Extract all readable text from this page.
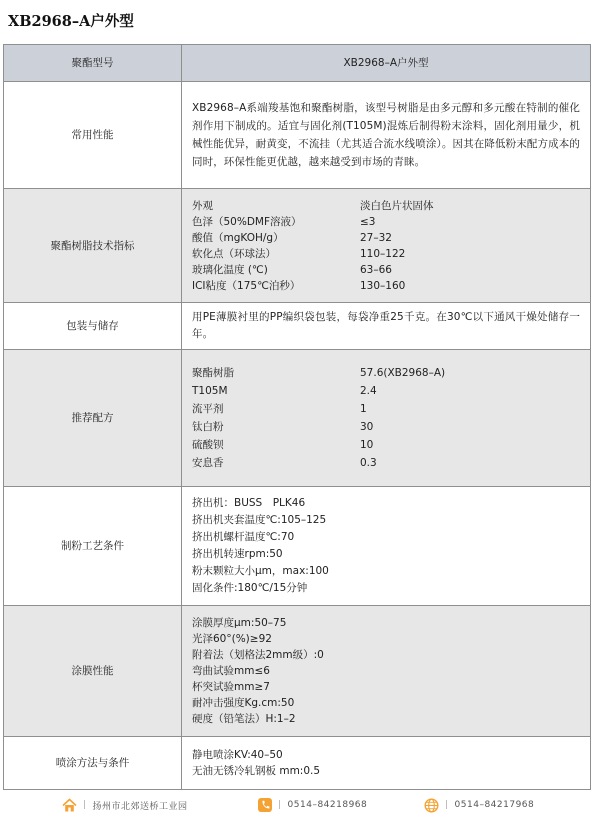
XB2968–A户外型
聚酯型号	XB2968–A户外型
常用性能	
XB2968–A系端羧基饱和聚酯树脂，该型号树脂是由多元醇和多元酸在特制的催化剂作用下制成的。适宜与固化剂(T105M)混炼后制得粉末涂料，固化剂用量少，机械性能优异，耐黄变，不流挂（尤其适合流水线喷涂）。因其在降低粉末配方成本的同时，环保性能更优越，越来越受到市场的青睐。

聚酯树脂技术指标	
外观	淡白色片状固体
色泽（50%DMF溶液）	≤3
酸值（mgKOH/g）	27–32
软化点（环球法）	110–122
玻璃化温度 (℃)	63–66
ICI粘度（175℃泊秒）	130–160

包装与储存	
用PE薄膜衬里的PP编织袋包装，每袋净重25千克。在30℃以下通风干燥处储存一年。

推荐配方	
聚酯树脂	57.6(XB2968–A)
T105M	2.4
流平剂	1
钛白粉	30
硫酸钡	10
安息香	0.3

制粉工艺条件	
挤出机：BUSS　PLK46
挤出机夹套温度℃:105–125
挤出机螺杆温度℃:70
挤出机转速rpm:50
粉末颗粒大小μm，max:100
固化条件:180℃/15分钟

涂膜性能	
涂膜厚度μm:50–75
光泽60°(%)≥92
附着法（划格法2mm级）:0
弯曲试验mm≤6
杯突试验mm≥7
耐冲击强度Kg.cm:50
硬度（铅笔法）H:1–2

喷涂方法与条件	
静电喷涂KV:40–50
无油无锈冷轧钢板 mm:0.5
| 扬州市北郊送桥工业园	| 0514–84218968	| 0514–84217968
